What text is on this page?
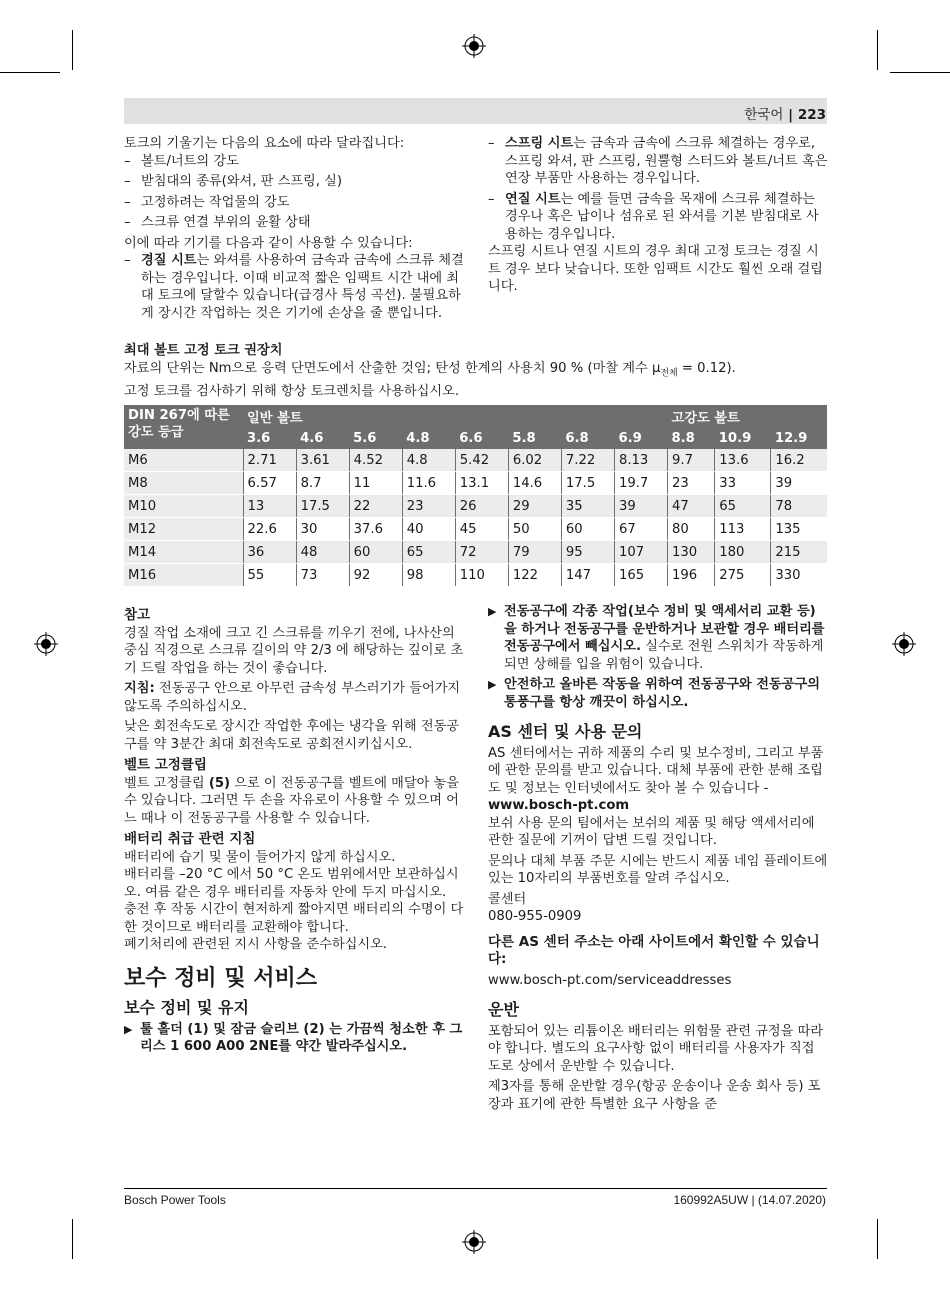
한국어 | 223

토크의 기울기는 다음의 요소에 따라 달라집니다:

– 볼트/너트의 강도

– 받침대의 종류(와셔, 판 스프링, 실)

– 고정하려는 작업물의 강도

– 스크류 연결 부위의 윤활 상태

이에 따라 기기를 다음과 같이 사용할 수 있습니다:

– 경질 시트는 와셔를 사용하여 금속과 금속에 스크류 체결하는 경우입니다. 이때 비교적 짧은 임팩트 시간 내에 최대 토크에 달할수 있습니다(급경사 특성 곡선). 불필요하게 장시간 작업하는 것은 기기에 손상을 줄 뿐입니다.

– 스프링 시트는 금속과 금속에 스크류 체결하는 경우로, 스프링 와셔, 판 스프링, 원뿔형 스터드와 볼트/너트 혹은 연장 부품만 사용하는 경우입니다.

– 연질 시트는 예를 들면 금속을 목재에 스크류 체결하는 경우나 혹은 납이나 섬유로 된 와셔를 기본 받침대로 사용하는 경우입니다.

스프링 시트나 연질 시트의 경우 최대 고정 토크는 경질 시트 경우 보다 낮습니다. 또한 임팩트 시간도 훨씬 오래 걸립니다.

최대 볼트 고정 토크 권장치

자료의 단위는 Nm으로 응력 단면도에서 산출한 것임; 탄성 한계의 사용치 90 % (마찰 계수 $\mu_{전체} = 0.12$).

고정 토크를 검사하기 위해 항상 토크렌치를 사용하십시오.

DIN 267에 따른
강도 등급	일반 볼트								고강도 볼트		
	3.6	4.6	5.6	4.8	6.6	5.8	6.8	6.9	8.8	10.9	12.9
M6	2.71	3.61	4.52	4.8	5.42	6.02	7.22	8.13	9.7	13.6	16.2
M8	6.57	8.7	11	11.6	13.1	14.6	17.5	19.7	23	33	39
M10	13	17.5	22	23	26	29	35	39	47	65	78
M12	22.6	30	37.6	40	45	50	60	67	80	113	135
M14	36	48	60	65	72	79	95	107	130	180	215
M16	55	73	92	98	110	122	147	165	196	275	330

참고

경질 작업 소재에 크고 긴 스크류를 끼우기 전에, 나사산의 중심 직경으로 스크류 길이의 약 2/3 에 해당하는 깊이로 초기 드릴 작업을 하는 것이 좋습니다.

지침: 전동공구 안으로 아무런 금속성 부스러기가 들어가지 않도록 주의하십시오.

낮은 회전속도로 장시간 작업한 후에는 냉각을 위해 전동공구를 약 3분간 최대 회전속도로 공회전시키십시오.

벨트 고정클립

벨트 고정클립 (5) 으로 이 전동공구를 벨트에 매달아 놓을 수 있습니다. 그러면 두 손을 자유로이 사용할 수 있으며 어느 때나 이 전동공구를 사용할 수 있습니다.

배터리 취급 관련 지침

배터리에 습기 및 물이 들어가지 않게 하십시오.

배터리를 –20 °C 에서 50 °C 온도 범위에서만 보관하십시오. 여름 같은 경우 배터리를 자동차 안에 두지 마십시오.

충전 후 작동 시간이 현저하게 짧아지면 배터리의 수명이 다한 것이므로 배터리를 교환해야 합니다.

폐기처리에 관련된 지시 사항을 준수하십시오.

보수 정비 및 서비스

보수 정비 및 유지

▶ 툴 홀더 (1) 및 잠금 슬리브 (2) 는 가끔씩 청소한 후 그리스 1 600 A00 2NE를 약간 발라주십시오.

▶ 전동공구에 각종 작업(보수 정비 및 액세서리 교환 등)을 하거나 전동공구를 운반하거나 보관할 경우 배터리를 전동공구에서 빼십시오. 실수로 전원 스위치가 작동하게 되면 상해를 입을 위험이 있습니다.

▶ 안전하고 올바른 작동을 위하여 전동공구와 전동공구의 통풍구를 항상 깨끗이 하십시오.

AS 센터 및 사용 문의

AS 센터에서는 귀하 제품의 수리 및 보수정비, 그리고 부품에 관한 문의를 받고 있습니다. 대체 부품에 관한 분해 조립도 및 정보는 인터넷에서도 찾아 볼 수 있습니다 - www.bosch-pt.com

보쉬 사용 문의 팀에서는 보쉬의 제품 및 해당 액세서리에 관한 질문에 기꺼이 답변 드릴 것입니다.

문의나 대체 부품 주문 시에는 반드시 제품 네임 플레이트에 있는 10자리의 부품번호를 알려 주십시오.

콜센터

080-955-0909

다른 AS 센터 주소는 아래 사이트에서 확인할 수 있습니다:

www.bosch-pt.com/serviceaddresses

운반

포함되어 있는 리튬이온 배터리는 위험물 관련 규정을 따라야 합니다. 별도의 요구사항 없이 배터리를 사용자가 직접 도로 상에서 운반할 수 있습니다.

제3자를 통해 운반할 경우(항공 운송이나 운송 회사 등) 포장과 표기에 관한 특별한 요구 사항을 준

Bosch Power Tools	160992A5UW | (14.07.2020)
